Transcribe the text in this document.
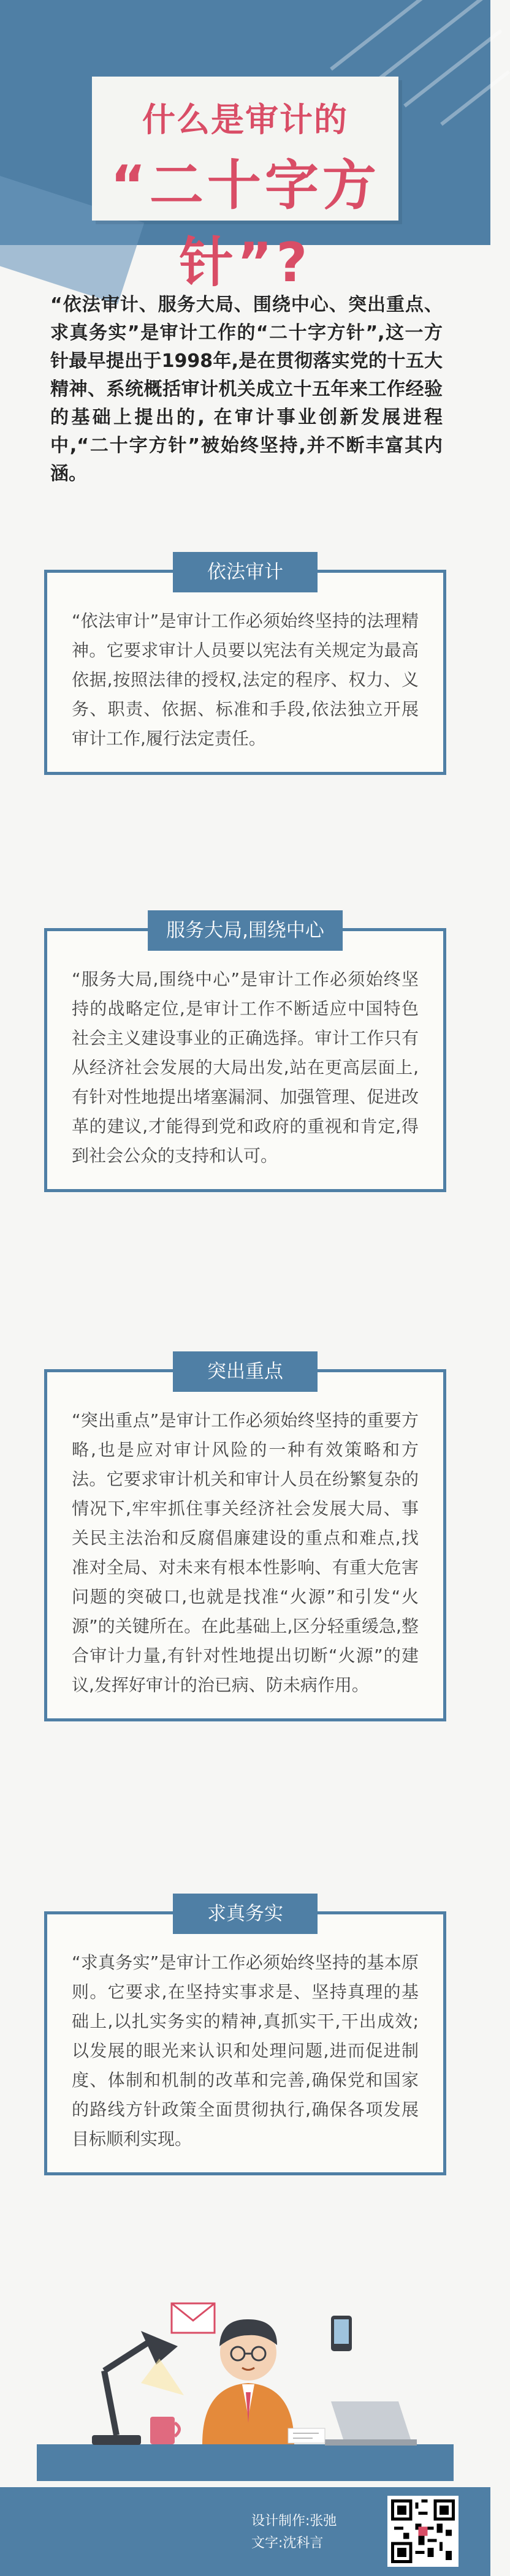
什么是审计的
“二十字方针”?
“依法审计、服务大局、围绕中心、突出重点、求真务实”是审计工作的“二十字方针”,这一方针最早提出于1998年,是在贯彻落实党的十五大精神、系统概括审计机关成立十五年来工作经验的基础上提出的, 在审计事业创新发展进程中,“二十字方针”被始终坚持,并不断丰富其内涵。
依法审计
“依法审计”是审计工作必须始终坚持的法理精神。它要求审计人员要以宪法有关规定为最高依据,按照法律的授权,法定的程序、权力、义务、职责、依据、标准和手段,依法独立开展审计工作,履行法定责任。
服务大局,围绕中心
“服务大局,围绕中心”是审计工作必须始终坚持的战略定位,是审计工作不断适应中国特色社会主义建设事业的正确选择。审计工作只有从经济社会发展的大局出发,站在更高层面上,有针对性地提出堵塞漏洞、加强管理、促进改革的建议,才能得到党和政府的重视和肯定,得到社会公众的支持和认可。
突出重点
“突出重点”是审计工作必须始终坚持的重要方略,也是应对审计风险的一种有效策略和方法。它要求审计机关和审计人员在纷繁复杂的情况下,牢牢抓住事关经济社会发展大局、事关民主法治和反腐倡廉建设的重点和难点,找准对全局、对未来有根本性影响、有重大危害问题的突破口,也就是找准“火源”和引发“火源”的关键所在。在此基础上,区分轻重缓急,整合审计力量,有针对性地提出切断“火源”的建议,发挥好审计的治已病、防未病作用。
求真务实
“求真务实”是审计工作必须始终坚持的基本原则。它要求,在坚持实事求是、坚持真理的基础上,以扎实务实的精神,真抓实干,干出成效;以发展的眼光来认识和处理问题,进而促进制度、体制和机制的改革和完善,确保党和国家的路线方针政策全面贯彻执行,确保各项发展目标顺利实现。
设计制作:张弛
文字:沈科言
